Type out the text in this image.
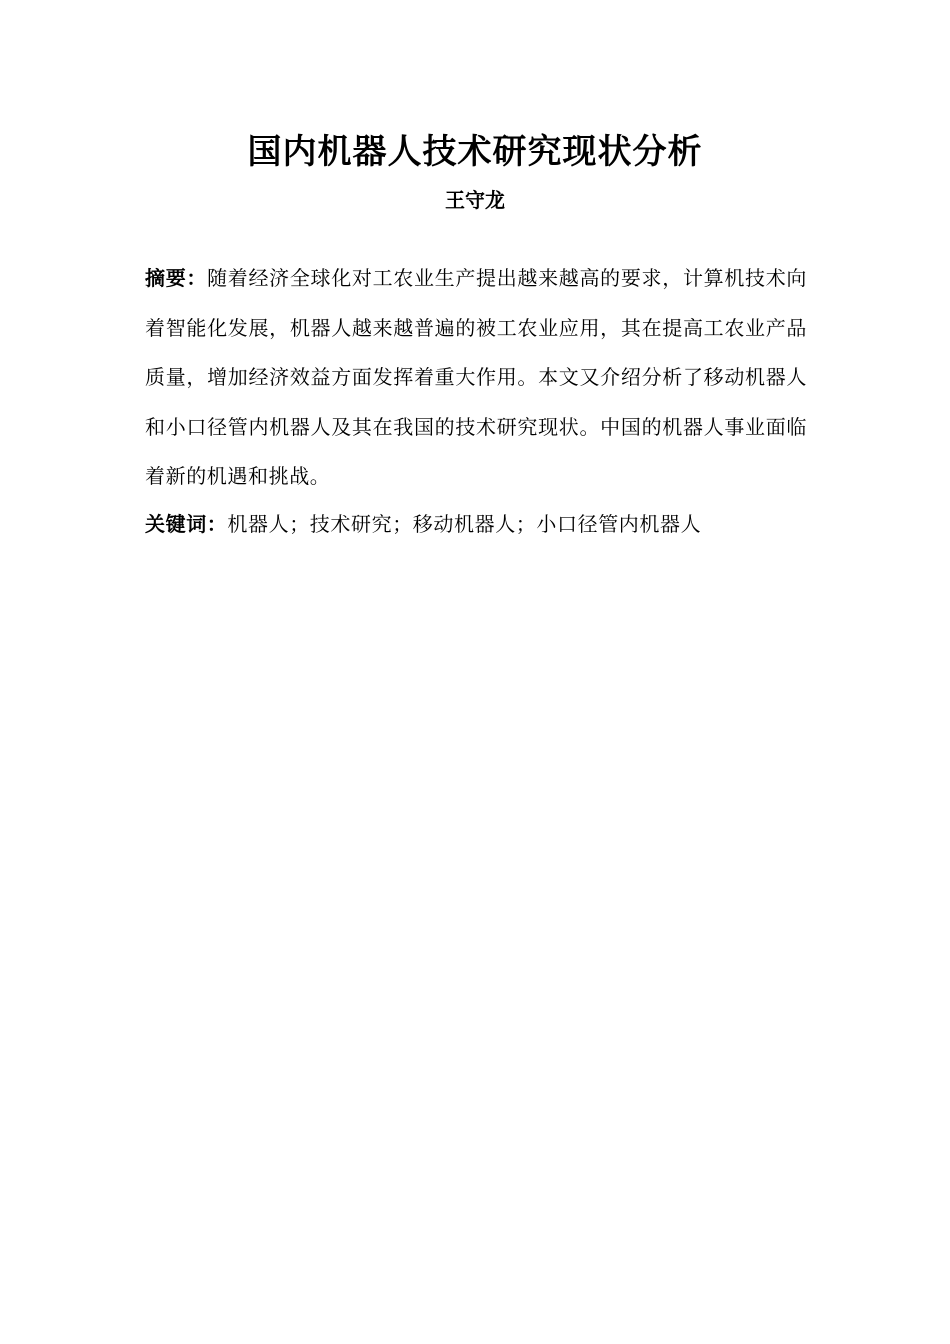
国内机器人技术研究现状分析
王守龙
摘要：随着经济全球化对工农业生产提出越来越高的要求，计算机技术向着智能化发展，机器人越来越普遍的被工农业应用，其在提高工农业产品质量，增加经济效益方面发挥着重大作用。本文又介绍分析了移动机器人和小口径管内机器人及其在我国的技术研究现状。中国的机器人事业面临着新的机遇和挑战。
关键词：机器人；技术研究；移动机器人；小口径管内机器人
